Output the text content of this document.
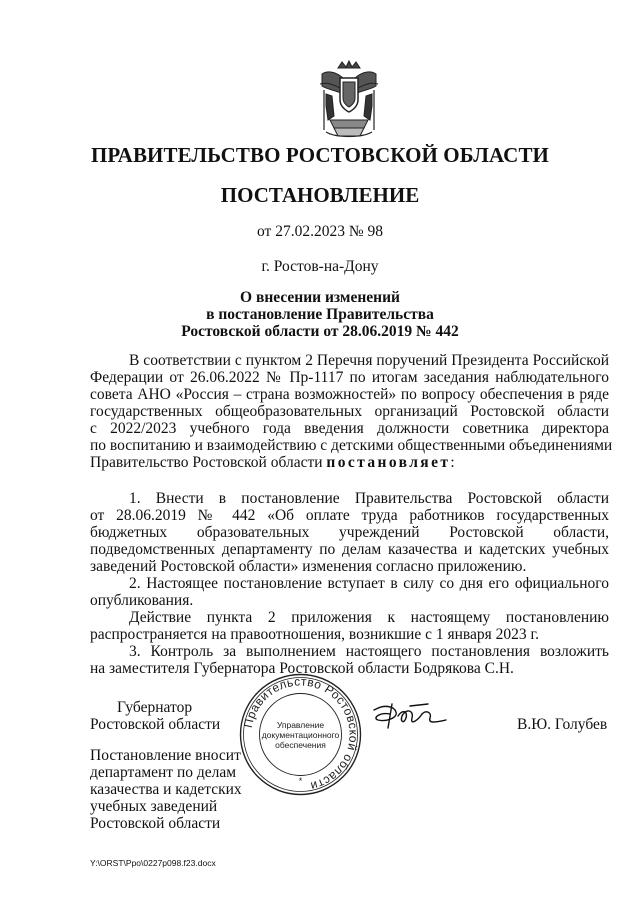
ПРАВИТЕЛЬСТВО РОСТОВСКОЙ ОБЛАСТИ
ПОСТАНОВЛЕНИЕ
от 27.02.2023 № 98
г. Ростов-на-Дону
О внесении изменений
в постановление Правительства
Ростовской области от 28.06.2019 № 442
В соответствии с пунктом 2 Перечня поручений Президента Российской
Федерации от 26.06.2022 № Пр-1117 по итогам заседания наблюдательного
совета АНО «Россия – страна возможностей» по вопросу обеспечения в ряде
государственных общеобразовательных организаций Ростовской области
с 2022/2023 учебного года введения должности советника директора
по воспитанию и взаимодействию с детскими общественными объединениями
Правительство Ростовской области постановляет:
1. Внести в постановление Правительства Ростовской области
от 28.06.2019 № 442 «Об оплате труда работников государственных
бюджетных образовательных учреждений Ростовской области,
подведомственных департаменту по делам казачества и кадетских учебных
заведений Ростовской области» изменения согласно приложению.
2. Настоящее постановление вступает в силу со дня его официального
опубликования.
Действие пункта 2 приложения к настоящему постановлению
распространяется на правоотношения, возникшие с 1 января 2023 г.
3. Контроль за выполнением настоящего постановления возложить
на заместителя Губернатора Ростовской области Бодрякова С.Н.
Губернатор
Ростовской области	В.Ю. Голубев
Правительство Ростовской области
Управление
документационного
обеспечения
*
Постановление вносит
департамент по делам
казачества и кадетских
учебных заведений
Ростовской области
Y:\ORST\Ppo\0227p098.f23.docx
